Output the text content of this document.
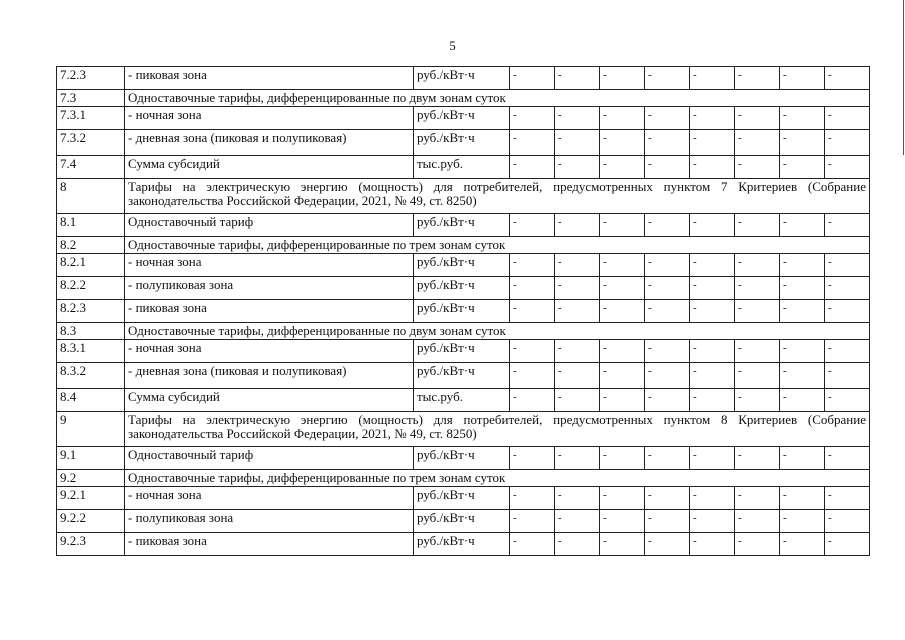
5
7.2.3	- пиковая зона	руб./кВт·ч	-	-	-	-	-	-	-	-
7.3	Одноставочные тарифы, дифференцированные по двум зонам суток									
7.3.1	- ночная зона	руб./кВт·ч	-	-	-	-	-	-	-	-
7.3.2	- дневная зона (пиковая и полупиковая)	руб./кВт·ч	-	-	-	-	-	-	-	-
7.4	Сумма субсидий	тыс.руб.	-	-	-	-	-	-	-	-
8	Тарифы на электрическую энергию (мощность) для потребителей, предусмотренных пунктом 7 Критериев (Собрание законодательства Российской Федерации, 2021, № 49, ст. 8250)									
8.1	Одноставочный тариф	руб./кВт·ч	-	-	-	-	-	-	-	-
8.2	Одноставочные тарифы, дифференцированные по трем зонам суток									
8.2.1	- ночная зона	руб./кВт·ч	-	-	-	-	-	-	-	-
8.2.2	- полупиковая зона	руб./кВт·ч	-	-	-	-	-	-	-	-
8.2.3	- пиковая зона	руб./кВт·ч	-	-	-	-	-	-	-	-
8.3	Одноставочные тарифы, дифференцированные по двум зонам суток									
8.3.1	- ночная зона	руб./кВт·ч	-	-	-	-	-	-	-	-
8.3.2	- дневная зона (пиковая и полупиковая)	руб./кВт·ч	-	-	-	-	-	-	-	-
8.4	Сумма субсидий	тыс.руб.	-	-	-	-	-	-	-	-
9	Тарифы на электрическую энергию (мощность) для потребителей, предусмотренных пунктом 8 Критериев (Собрание законодательства Российской Федерации, 2021, № 49, ст. 8250)									
9.1	Одноставочный тариф	руб./кВт·ч	-	-	-	-	-	-	-	-
9.2	Одноставочные тарифы, дифференцированные по трем зонам суток									
9.2.1	- ночная зона	руб./кВт·ч	-	-	-	-	-	-	-	-
9.2.2	- полупиковая зона	руб./кВт·ч	-	-	-	-	-	-	-	-
9.2.3	- пиковая зона	руб./кВт·ч	-	-	-	-	-	-	-	-
